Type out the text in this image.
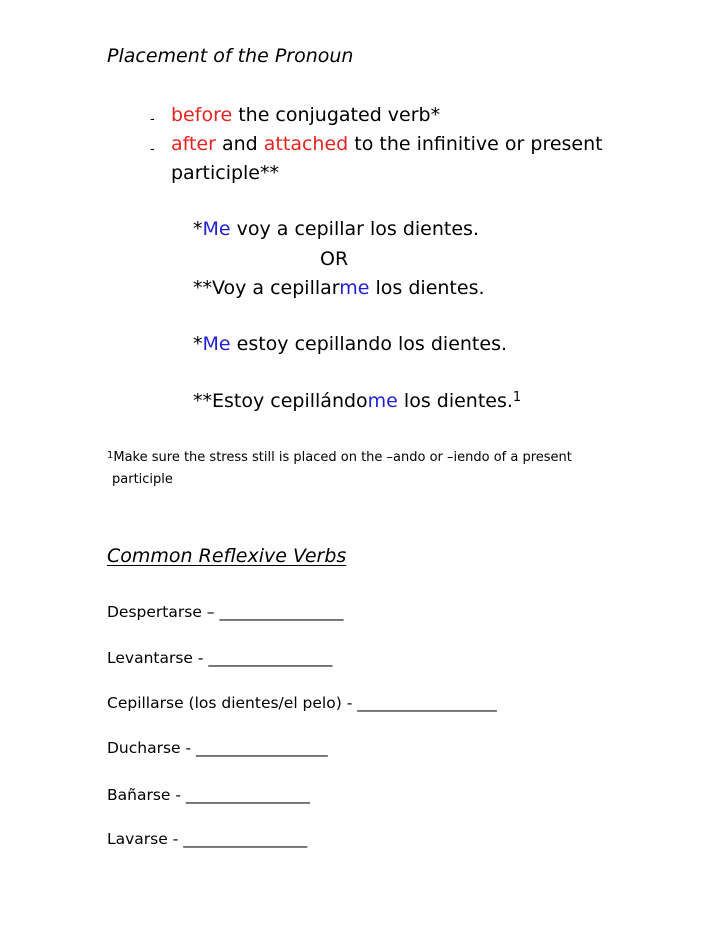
Placement of the Pronoun
- before the conjugated verb*
- after and attached to the infinitive or present
participle**
*Me voy a cepillar los dientes.
OR
**Voy a cepillarme los dientes.
*Me estoy cepillando los dientes.
**Estoy cepillándome los dientes.$^1$
$^1$Make sure the stress still is placed on the –ando or –iendo of a present
participle
Common Reflexive Verbs
Despertarse – ________________
Levantarse - ________________
Cepillarse (los dientes/el pelo) - __________________
Ducharse - _________________
Bañarse - ________________
Lavarse - ________________
